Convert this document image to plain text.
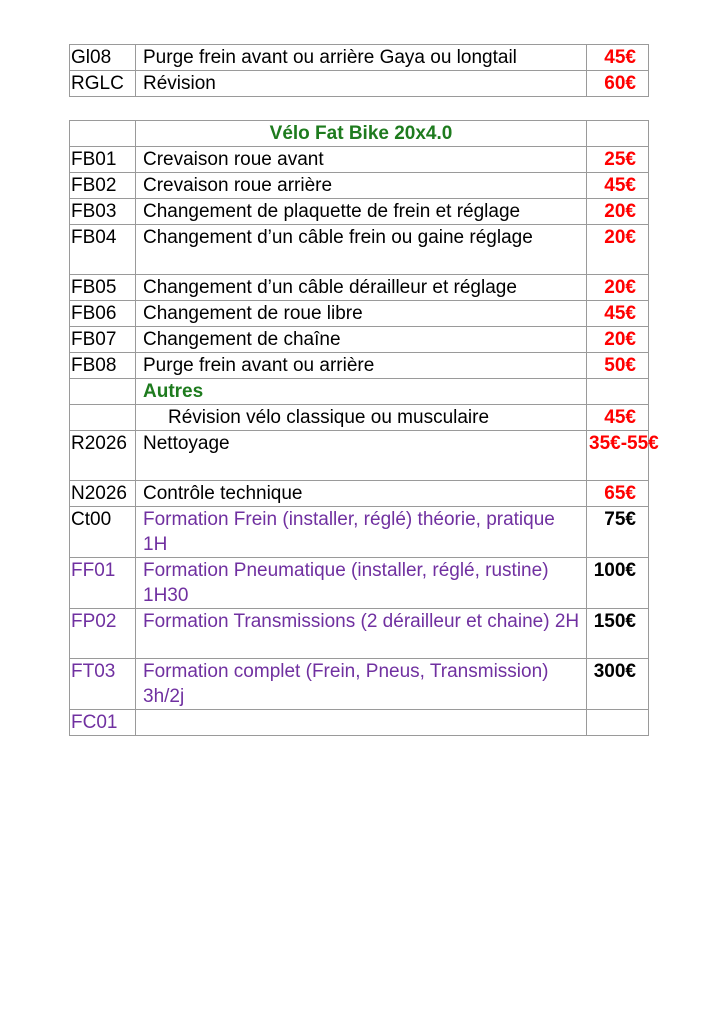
Gl08	Purge frein avant ou arrière Gaya ou longtail	45€
RGLC	Révision	60€
	Vélo Fat Bike 20x4.0	
FB01	Crevaison roue avant	25€
FB02	Crevaison roue arrière	45€
FB03	Changement de plaquette de frein et réglage	20€
FB04	Changement d’un câble frein ou gaine réglage	20€
FB05	Changement d’un câble dérailleur et réglage	20€
FB06	Changement de roue libre	45€
FB07	Changement de chaîne	20€
FB08	Purge frein avant ou arrière	50€
	Autres	
	Révision vélo classique ou musculaire	45€
R2026	Nettoyage	35€-55€
N2026	Contrôle technique	65€
Ct00	Formation Frein (installer, réglé) théorie, pratique 1H	75€
FF01	Formation Pneumatique (installer, réglé, rustine) 1H30	100€
FP02	Formation Transmissions (2 dérailleur et chaine) 2H	150€
FT03	Formation complet (Frein, Pneus, Transmission) 3h/2j	300€
FC01		
